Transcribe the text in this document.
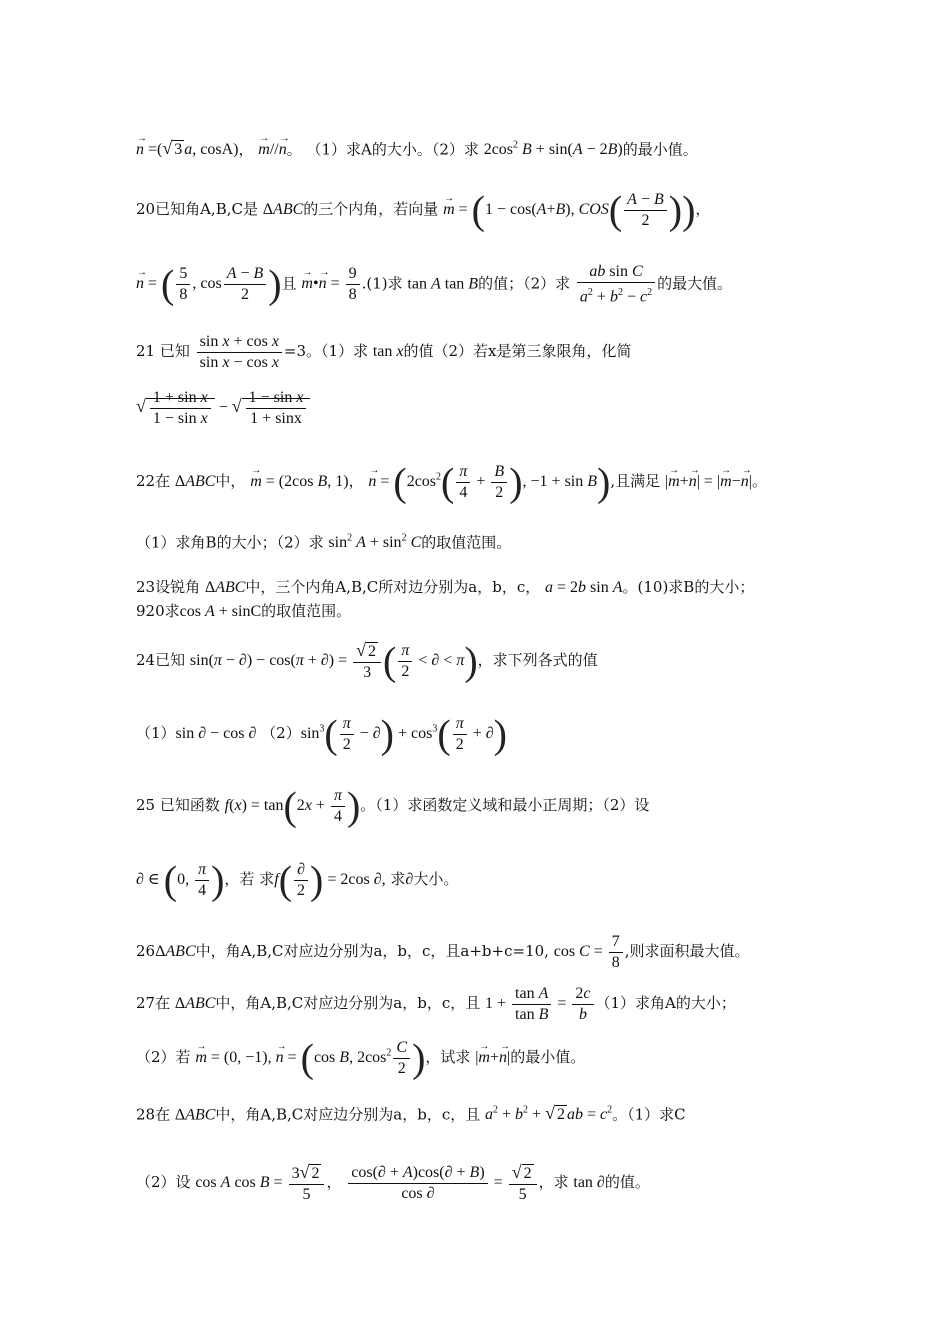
→ n =(√ 3 a, cosA)， → m//→ n。 （1）求A的大小。（2）求 $2\cos^2$ B + sin(A − 2B)的最小值。
20已知角A,B,C是 ΔABC的三个内角，若向量 → m = (1 − cos(A+B), $COS( \frac{A - B}{2}$ ))，
→ n = ( $\frac{5}{8}$ , $\cos \frac{A - B}{2}$ )且 → m•→ $n = \frac{9}{8} .(1)$求 tan A tan B的值；（2）求 $\frac{\text{ab sin C}}{a^2 + b^2 - c^2}$ 的最大值。
21 已知 $\frac{\text{sin x + cos x}}{\text{sin x − cos x}} =3$。（1）求 tan x的值（2）若x是第三象限角，化简
√ $\frac{\text{1 + sin x}}{\text{1 − sin x}}$ − √ $\frac{\text{1 − sin x}}{1 + \sin x}$
22在 ΔABC中， → m = (2cos B, 1)， → $n = (2\cos^2( \frac{\pi}{4} + \frac{B}{2}$ ), −1 + sin B),且满足 |→ m+→ n| = |→ m−→ n|。
（1）求角B的大小；（2）求 $\sin^2 A + \sin^2 C$的取值范围。
23设锐角 ΔABC中，三个内角A,B,C所对边分别为a，b，c， a = 2b sin A。(10)求B的大小；
920求cos A + sinC的取值范围。
24已知 sin(π − ∂) − cos(π + ∂) = $\frac{√ 2}{3}$ ( $\frac{\pi}{2}$ < ∂ < π)，求下列各式的值
（1）sin ∂ − cos ∂ $(2)\sin^3( \frac{\pi}{2}$ − ∂) + $\cos^3( \frac{\pi}{2}$ + ∂)
25 已知函数 $f(x) = \tan(2x + \frac{\pi}{4}$ )。（1）求函数定义域和最小正周期；（2）设
∂ ∈ (0, $\frac{\pi}{4}$ )，若 求$f( \frac{\partial}{2}$ ) = 2cos ∂, 求∂大小。
26ΔABC中，角A,B,C对应边分别为a，b，c，且a+b+c=10, $\cos C = \frac{7}{8}$ ,则求面积最大值。
27在 ΔABC中，角A,B,C对应边分别为a，b，c，且 $1 + \frac{\text{tan A}}{\text{tan B}} = \frac{2c}{b} (1)$求角A的大小；
（2）若 → m = (0, −1), → n = (cos B, $2\cos^2 \frac{C}{2}$ )，试求 |→ m+→ n|的最小值。
28在 ΔABC中，角A,B,C对应边分别为a，b，c，且 $a^2 + b^2$ + √ 2 ab = $c^2$。（1）求C
（2）设 cos A $\cos B = \frac{3√ 2}{5}$ ， $\frac{\cos(\partial + A)\cos(\partial + B)}{\cos \partial} = \frac{√ 2}{5}$ ，求 tan ∂的值。
